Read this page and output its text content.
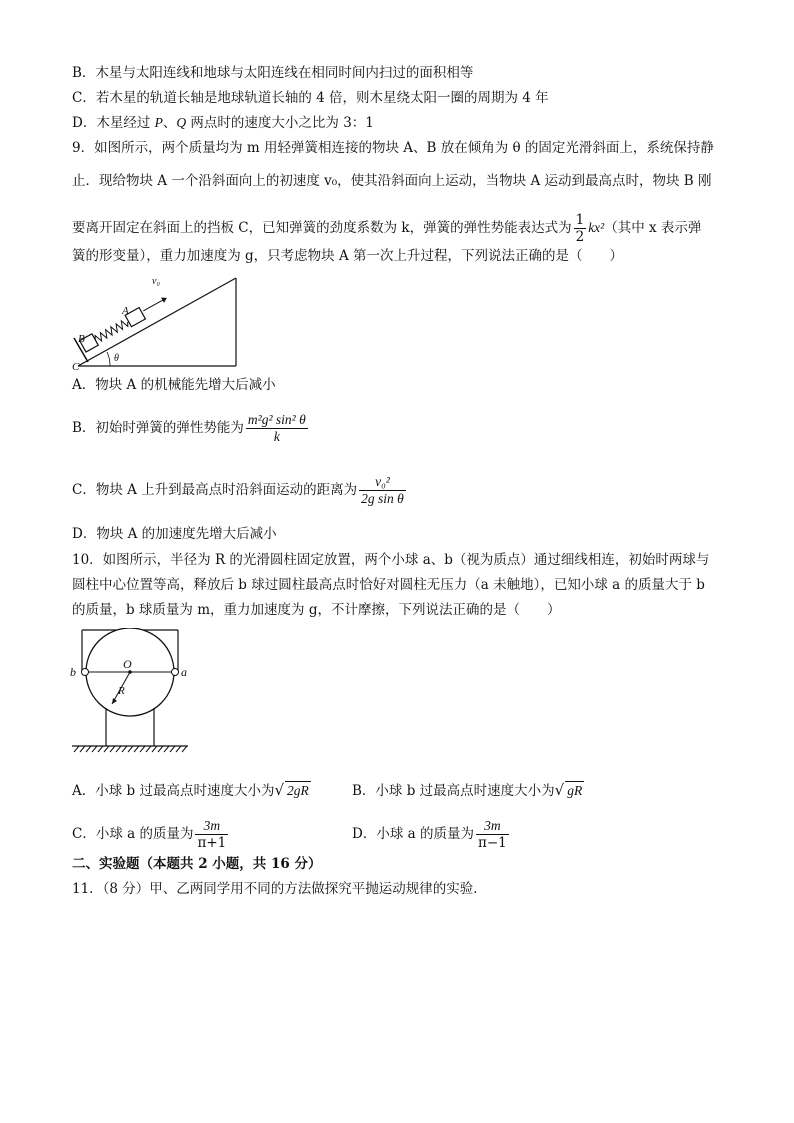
B．木星与太阳连线和地球与太阳连线在相同时间内扫过的面积相等
C．若木星的轨道长轴是地球轨道长轴的 4 倍，则木星绕太阳一圈的周期为 4 年
D．木星经过 P、Q 两点时的速度大小之比为 3：1
9．如图所示，两个质量均为 m 用轻弹簧相连接的物块 A、B 放在倾角为 θ 的固定光滑斜面上，系统保持静
止．现给物块 A 一个沿斜面向上的初速度 v₀，使其沿斜面向上运动，当物块 A 运动到最高点时，物块 B 刚
要离开固定在斜面上的挡板 C，已知弹簧的劲度系数为 k，弹簧的弹性势能表达式为 $\frac{1}{2} kx^2$（其中 x 表示弹
簧的形变量），重力加速度为 g，只考虑物块 A 第一次上升过程，下列说法正确的是（　　）
v₀
A
B
C
θ
A．物块 A 的机械能先增大后减小
B．初始时弹簧的弹性势能为 $\frac{\text{m²g² sin² θ}}{k}$
C．物块 A 上升到最高点时沿斜面运动的距离为 $\frac{\text{v₀²}}{\text{2g sin θ}}$
D．物块 A 的加速度先增大后减小
10．如图所示，半径为 R 的光滑圆柱固定放置，两个小球 a、b（视为质点）通过细线相连，初始时两球与
圆柱中心位置等高，释放后 b 球过圆柱最高点时恰好对圆柱无压力（a 未触地），已知小球 a 的质量大于 b
的质量，b 球质量为 m，重力加速度为 g，不计摩擦，下列说法正确的是（　　）
b	a
O
R
A．小球 b 过最高点时速度大小为√ 2gR	B．小球 b 过最高点时速度大小为√ gR
C．小球 a 的质量为 $\frac{3m}{\pi+1}$	D．小球 a 的质量为 $\frac{3m}{\pi-1}$
二、实验题（本题共 2 小题，共 16 分）
11．（8 分）甲、乙两同学用不同的方法做探究平抛运动规律的实验．
